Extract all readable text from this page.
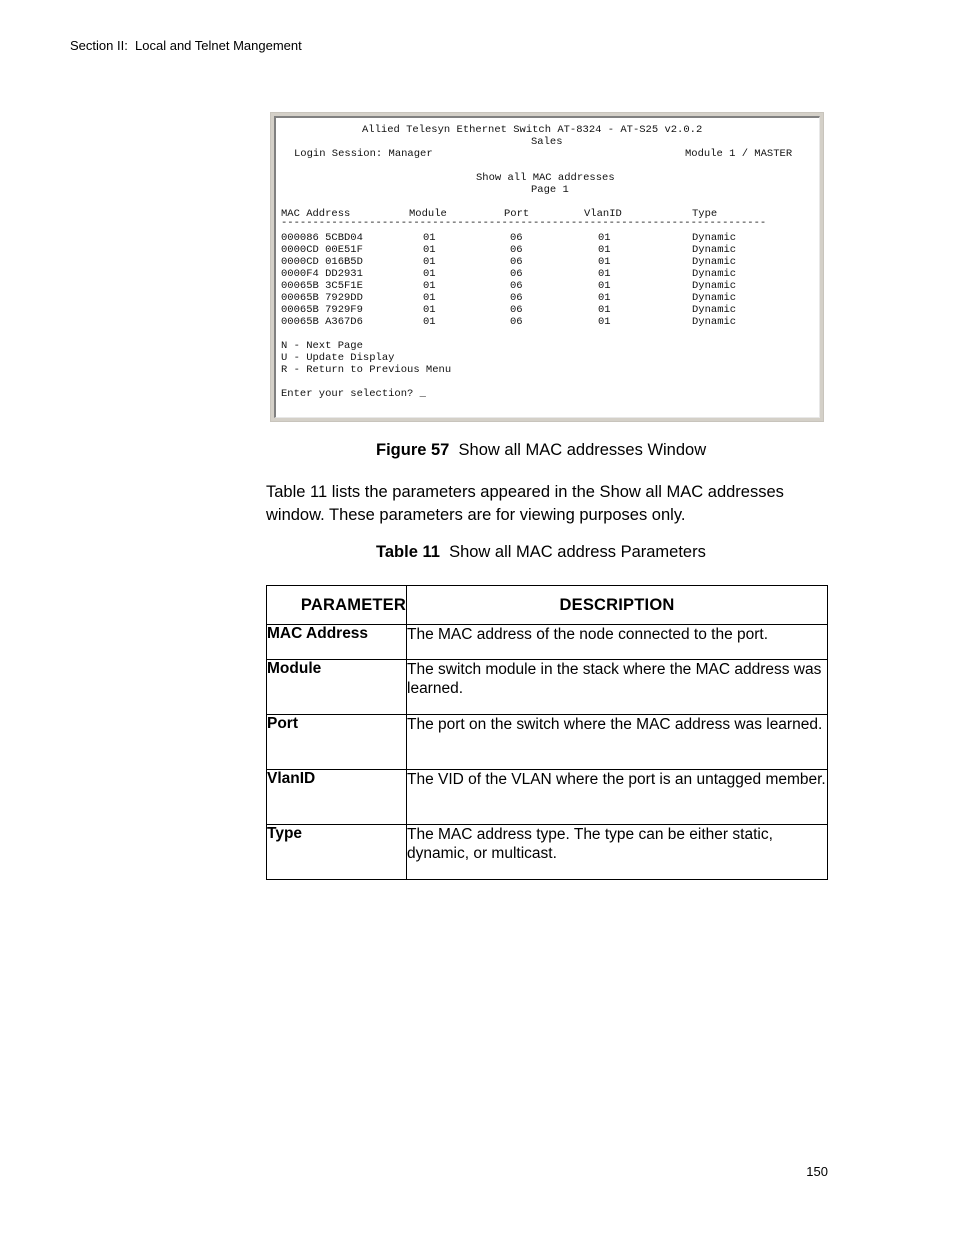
Section II:  Local and Telnet Mangement
Allied Telesyn Ethernet Switch AT-8324 - AT-S25 v2.0.2
Sales
Login Session: Manager	Module 1 / MASTER
Show all MAC addresses
Page 1
MAC Address	Module	Port	VlanID	Type
-----------------------------------------------------------------------------
000086 5CBD04	01	06	01	Dynamic
0000CD 00E51F	01	06	01	Dynamic
0000CD 016B5D	01	06	01	Dynamic
0000F4 DD2931	01	06	01	Dynamic
00065B 3C5F1E	01	06	01	Dynamic
00065B 7929DD	01	06	01	Dynamic
00065B 7929F9	01	06	01	Dynamic
00065B A367D6	01	06	01	Dynamic
N - Next Page
U - Update Display
R - Return to Previous Menu
Enter your selection? _
Figure 57 Show all MAC addresses Window
Table 11 lists the parameters appeared in the Show all MAC addresses window. These parameters are for viewing purposes only.
Table 11 Show all MAC address Parameters
PARAMETER	DESCRIPTION
MAC Address	The MAC address of the node connected to the port.
Module	The switch module in the stack where the MAC address was learned.
Port	The port on the switch where the MAC address was learned.
VlanID	The VID of the VLAN where the port is an untagged member.
Type	The MAC address type. The type can be either static, dynamic, or multicast.
150
